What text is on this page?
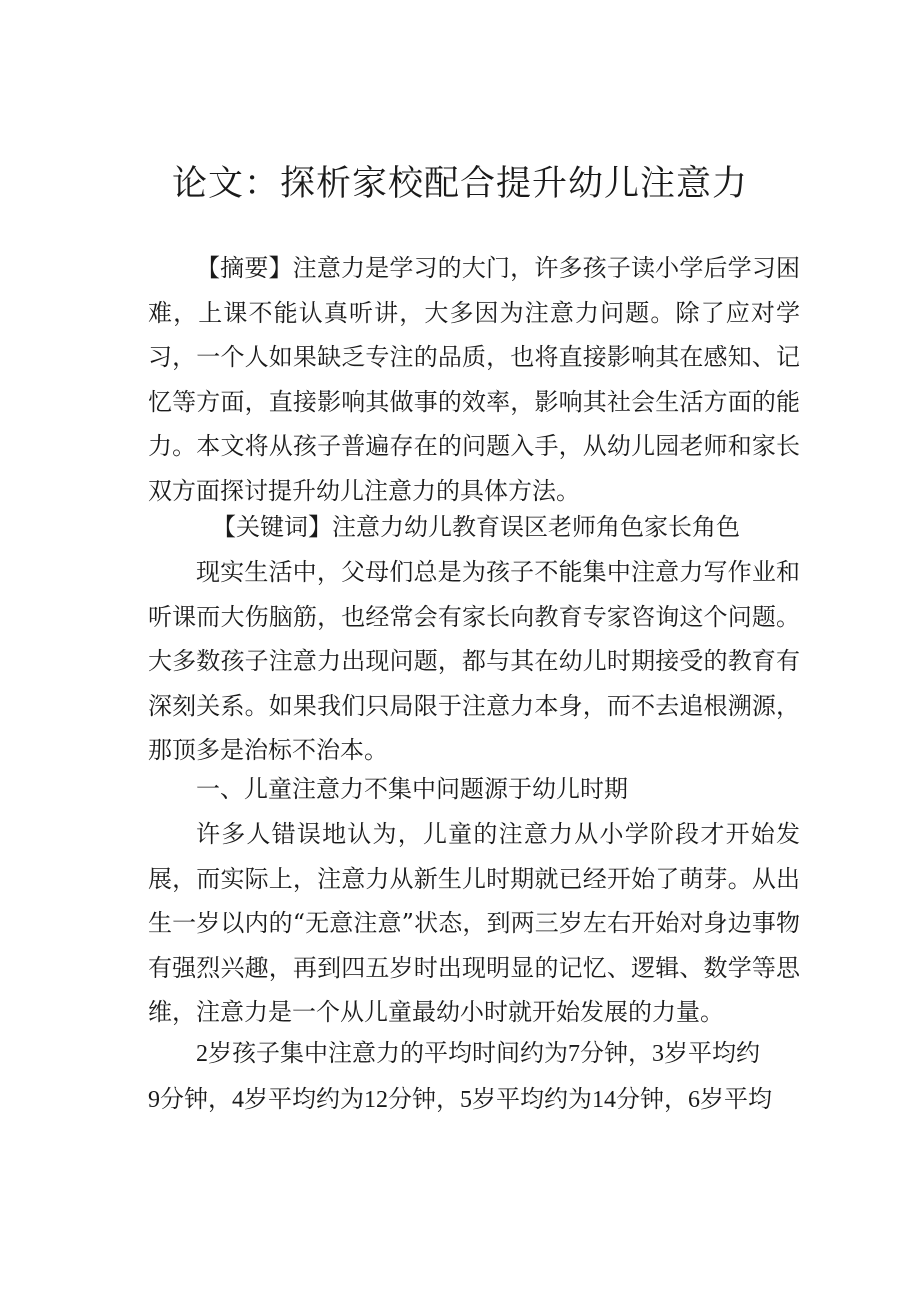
论文：探析家校配合提升幼儿注意力
【摘要】注意力是学习的大门，许多孩子读小学后学习困难，上课不能认真听讲，大多因为注意力问题。除了应对学习，一个人如果缺乏专注的品质，也将直接影响其在感知、记忆等方面，直接影响其做事的效率，影响其社会生活方面的能力。本文将从孩子普遍存在的问题入手，从幼儿园老师和家长双方面探讨提升幼儿注意力的具体方法。
【关键词】注意力幼儿教育误区老师角色家长角色
现实生活中，父母们总是为孩子不能集中注意力写作业和听课而大伤脑筋，也经常会有家长向教育专家咨询这个问题。大多数孩子注意力出现问题，都与其在幼儿时期接受的教育有深刻关系。如果我们只局限于注意力本身，而不去追根溯源，那顶多是治标不治本。
一、儿童注意力不集中问题源于幼儿时期
许多人错误地认为，儿童的注意力从小学阶段才开始发展，而实际上，注意力从新生儿时期就已经开始了萌芽。从出生一岁以内的“无意注意”状态，到两三岁左右开始对身边事物有强烈兴趣，再到四五岁时出现明显的记忆、逻辑、数学等思维，注意力是一个从儿童最幼小时就开始发展的力量。
2岁孩子集中注意力的平均时间约为7分钟，3岁平均约
9分钟，4岁平均约为12分钟，5岁平均约为14分钟，6岁平均
